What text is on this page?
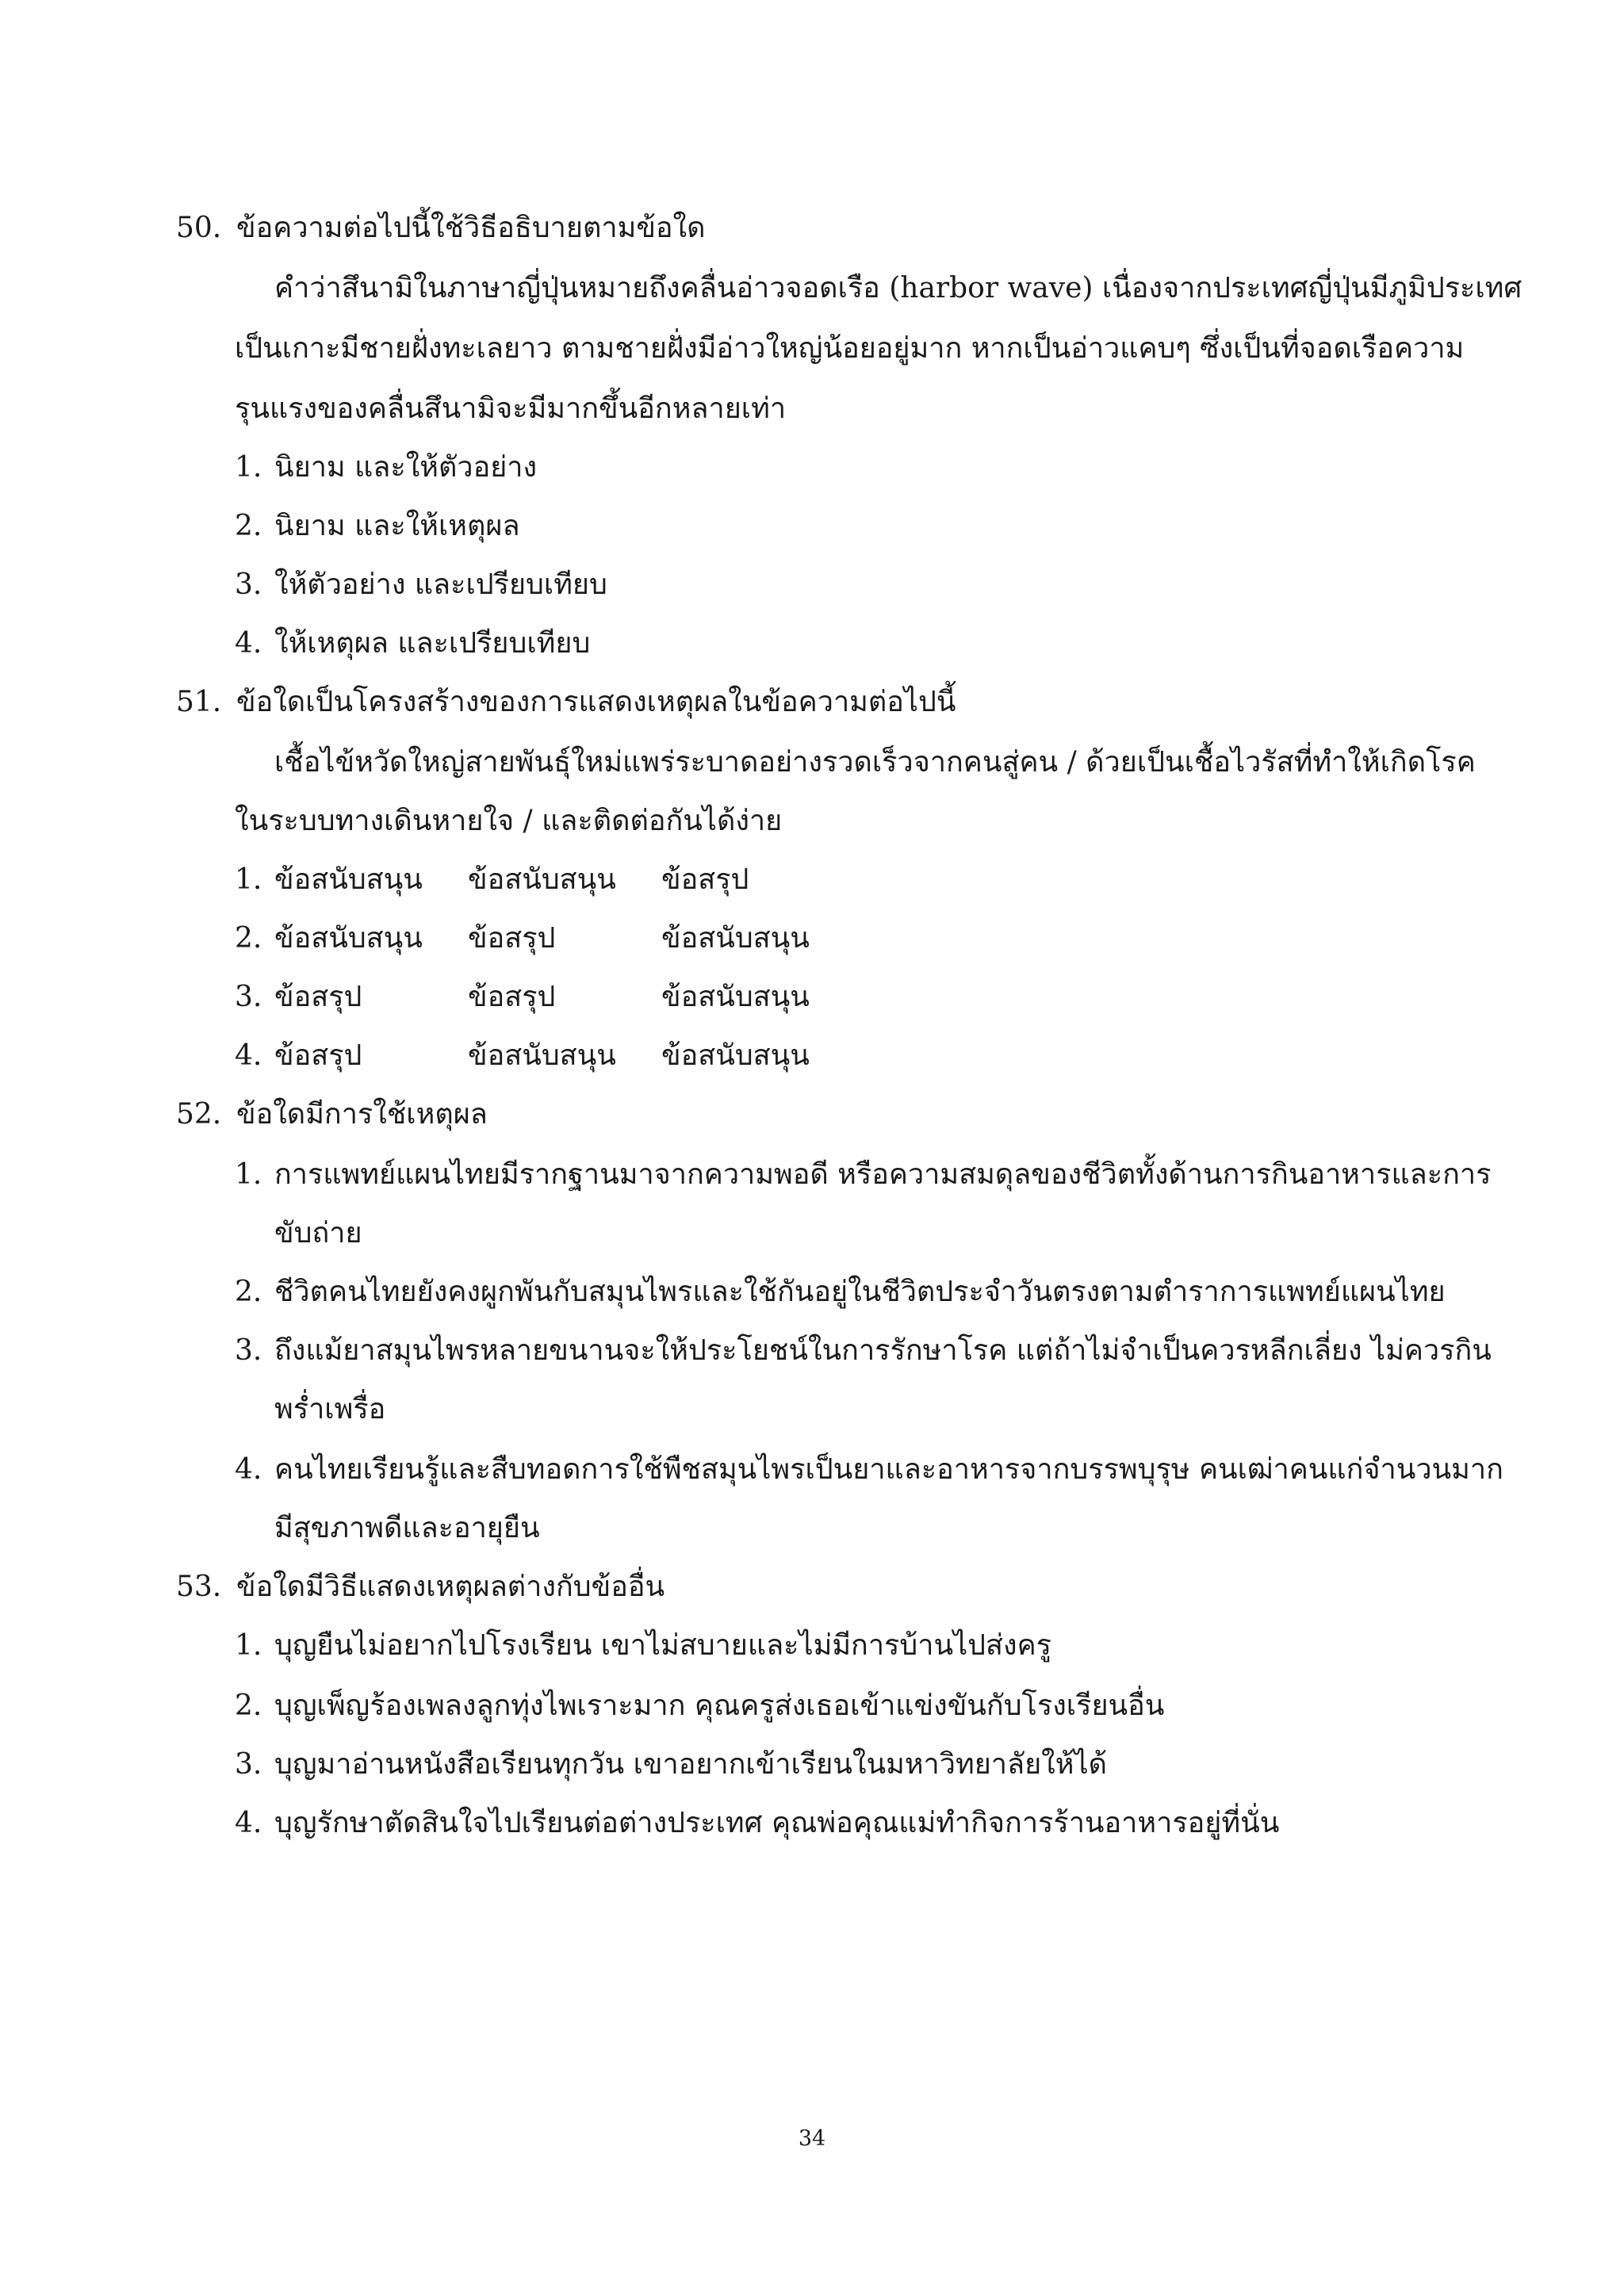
50. ข้อความต่อไปนี้ใช้วิธีอธิบายตามข้อใด
คำว่าสึนามิในภาษาญี่ปุ่นหมายถึงคลื่นอ่าวจอดเรือ (harbor wave) เนื่องจากประเทศญี่ปุ่นมีภูมิประเทศ
เป็นเกาะมีชายฝั่งทะเลยาว ตามชายฝั่งมีอ่าวใหญ่น้อยอยู่มาก หากเป็นอ่าวแคบๆ ซึ่งเป็นที่จอดเรือความ
รุนแรงของคลื่นสึนามิจะมีมากขึ้นอีกหลายเท่า
1. นิยาม และให้ตัวอย่าง
2. นิยาม และให้เหตุผล
3. ให้ตัวอย่าง และเปรียบเทียบ
4. ให้เหตุผล และเปรียบเทียบ
51. ข้อใดเป็นโครงสร้างของการแสดงเหตุผลในข้อความต่อไปนี้
เชื้อไข้หวัดใหญ่สายพันธุ์ใหม่แพร่ระบาดอย่างรวดเร็วจากคนสู่คน / ด้วยเป็นเชื้อไวรัสที่ทำให้เกิดโรค
ในระบบทางเดินหายใจ / และติดต่อกันได้ง่าย
1. ข้อสนับสนุน ข้อสนับสนุน ข้อสรุป
2. ข้อสนับสนุน ข้อสรุป	ข้อสนับสนุน
3. ข้อสรุป	ข้อสรุป	ข้อสนับสนุน
4. ข้อสรุป	ข้อสนับสนุน ข้อสนับสนุน
52. ข้อใดมีการใช้เหตุผล
1. การแพทย์แผนไทยมีรากฐานมาจากความพอดี หรือความสมดุลของชีวิตทั้งด้านการกินอาหารและการ
ขับถ่าย
2. ชีวิตคนไทยยังคงผูกพันกับสมุนไพรและใช้กันอยู่ในชีวิตประจำวันตรงตามตำราการแพทย์แผนไทย
3. ถึงแม้ยาสมุนไพรหลายขนานจะให้ประโยชน์ในการรักษาโรค แต่ถ้าไม่จำเป็นควรหลีกเลี่ยง ไม่ควรกิน
พร่ำเพรื่อ
4. คนไทยเรียนรู้และสืบทอดการใช้พืชสมุนไพรเป็นยาและอาหารจากบรรพบุรุษ คนเฒ่าคนแก่จำนวนมาก
มีสุขภาพดีและอายุยืน
53. ข้อใดมีวิธีแสดงเหตุผลต่างกับข้ออื่น
1. บุญยืนไม่อยากไปโรงเรียน เขาไม่สบายและไม่มีการบ้านไปส่งครู
2. บุญเพ็ญร้องเพลงลูกทุ่งไพเราะมาก คุณครูส่งเธอเข้าแข่งขันกับโรงเรียนอื่น
3. บุญมาอ่านหนังสือเรียนทุกวัน เขาอยากเข้าเรียนในมหาวิทยาลัยให้ได้
4. บุญรักษาตัดสินใจไปเรียนต่อต่างประเทศ คุณพ่อคุณแม่ทำกิจการร้านอาหารอยู่ที่นั่น
34
